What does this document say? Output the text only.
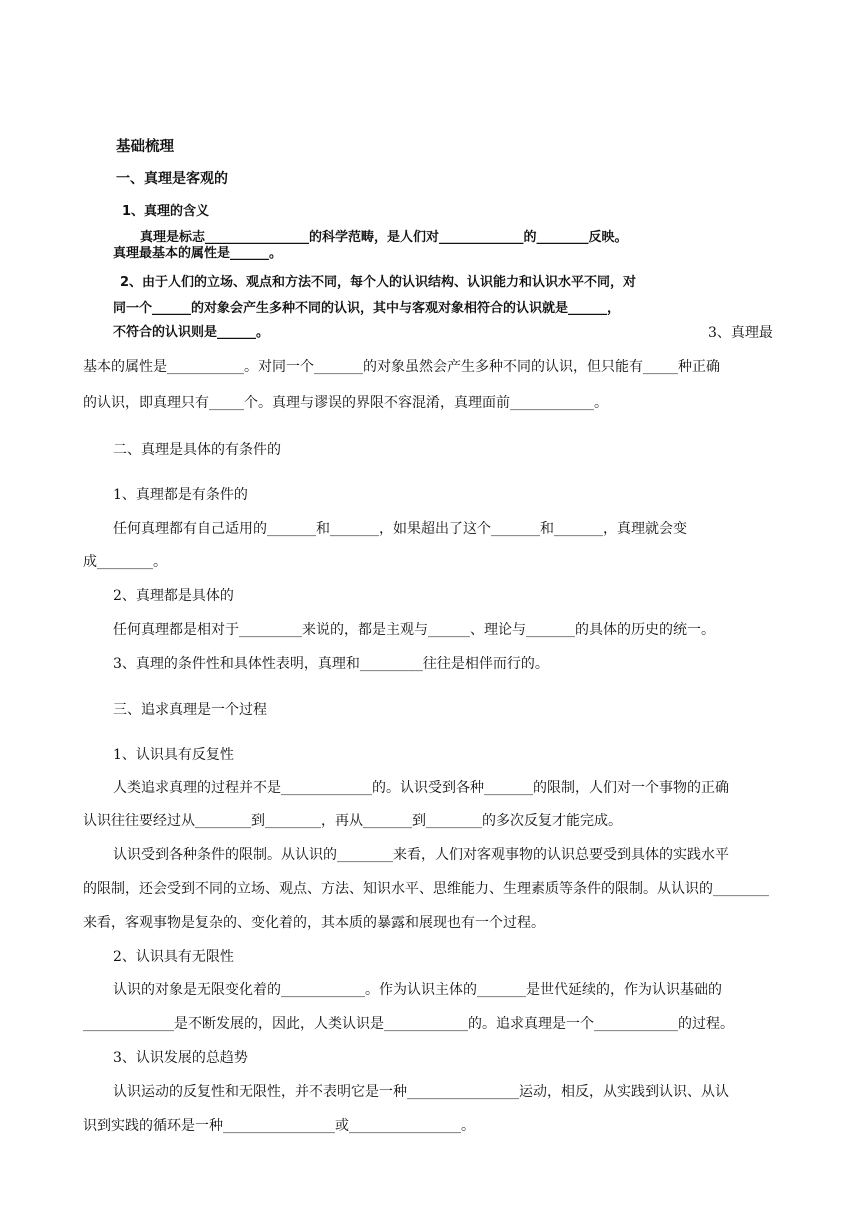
基础梳理
一、真理是客观的
1、真理的含义
真理是标志________________的科学范畴，是人们对_____________的________反映。
真理最基本的属性是______。
2、由于人们的立场、观点和方法不同，每个人的认识结构、认识能力和认识水平不同，对
同一个______的对象会产生多种不同的认识，其中与客观对象相符合的认识就是______，
不符合的认识则是______。	3、真理最
基本的属性是___________。对同一个_______的对象虽然会产生多种不同的认识，但只能有_____种正确
的认识，即真理只有_____个。真理与谬误的界限不容混淆，真理面前____________。
二、真理是具体的有条件的
1、真理都是有条件的
任何真理都有自己适用的_______和_______，如果超出了这个_______和_______，真理就会变
成________。
2、真理都是具体的
任何真理都是相对于_________来说的，都是主观与______、理论与_______的具体的历史的统一。
3、真理的条件性和具体性表明，真理和_________往往是相伴而行的。
三、追求真理是一个过程
1、认识具有反复性
人类追求真理的过程并不是_____________的。认识受到各种_______的限制，人们对一个事物的正确
认识往往要经过从________到________，再从_______到________的多次反复才能完成。
认识受到各种条件的限制。从认识的________来看，人们对客观事物的认识总要受到具体的实践水平
的限制，还会受到不同的立场、观点、方法、知识水平、思维能力、生理素质等条件的限制。从认识的________
来看，客观事物是复杂的、变化着的，其本质的暴露和展现也有一个过程。
2、认识具有无限性
认识的对象是无限变化着的____________。作为认识主体的_______是世代延续的，作为认识基础的
_____________是不断发展的，因此，人类认识是____________的。追求真理是一个____________的过程。
3、认识发展的总趋势
认识运动的反复性和无限性，并不表明它是一种________________运动，相反，从实践到认识、从认
识到实践的循环是一种________________或________________。
